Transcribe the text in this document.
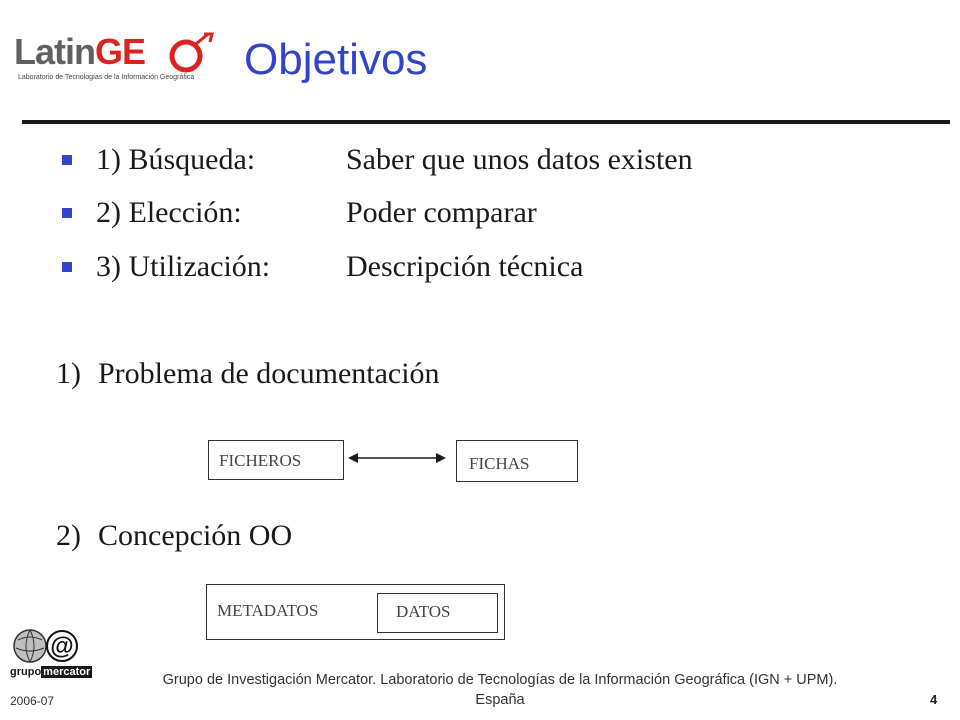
LatinGE
Laboratorio de Tecnologías de la Información Geográfica	Objetivos
1) Búsqueda:	Saber que unos datos existen
2) Elección:	Poder comparar
3) Utilización:	Descripción técnica
1) Problema de documentación
FICHEROS	FICHAS
2) Concepción OO
METADATOS	DATOS
@
grupo mercator	Grupo de Investigación Mercator. Laboratorio de Tecnologías de la Información Geográfica (IGN + UPM).
España
2006-07	4
